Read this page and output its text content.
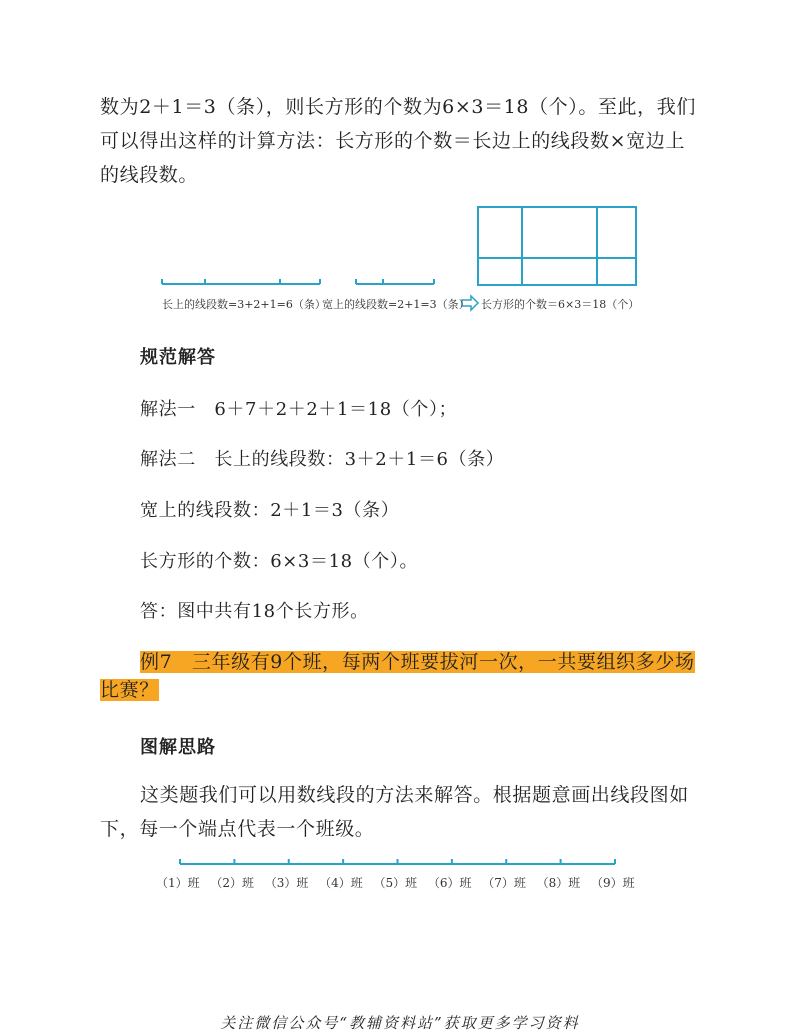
数为2＋1＝3（条），则长方形的个数为6×3＝18（个）。至此，我们

可以得出这样的计算方法：长方形的个数＝长边上的线段数×宽边上

的线段数。

长上的线段数=3+2+1=6（条）
宽上的线段数=2+1=3（条） 长方形的个数＝6×3＝18（个）

规范解答

解法一　6＋7＋2＋2＋1＝18（个）；

解法二　长上的线段数：3＋2＋1＝6（条）

宽上的线段数：2＋1＝3（条）

长方形的个数：6×3＝18（个）。

答：图中共有18个长方形。

例7　三年级有9个班，每两个班要拔河一次，一共要组织多少场
比赛？

图解思路

这类题我们可以用数线段的方法来解答。根据题意画出线段图如

下，每一个端点代表一个班级。

（1）班 （2）班 （3）班 （4）班 （5）班 （6）班 （7）班 （8）班 （9）班
关注微信公众号“教辅资料站”获取更多学习资料
